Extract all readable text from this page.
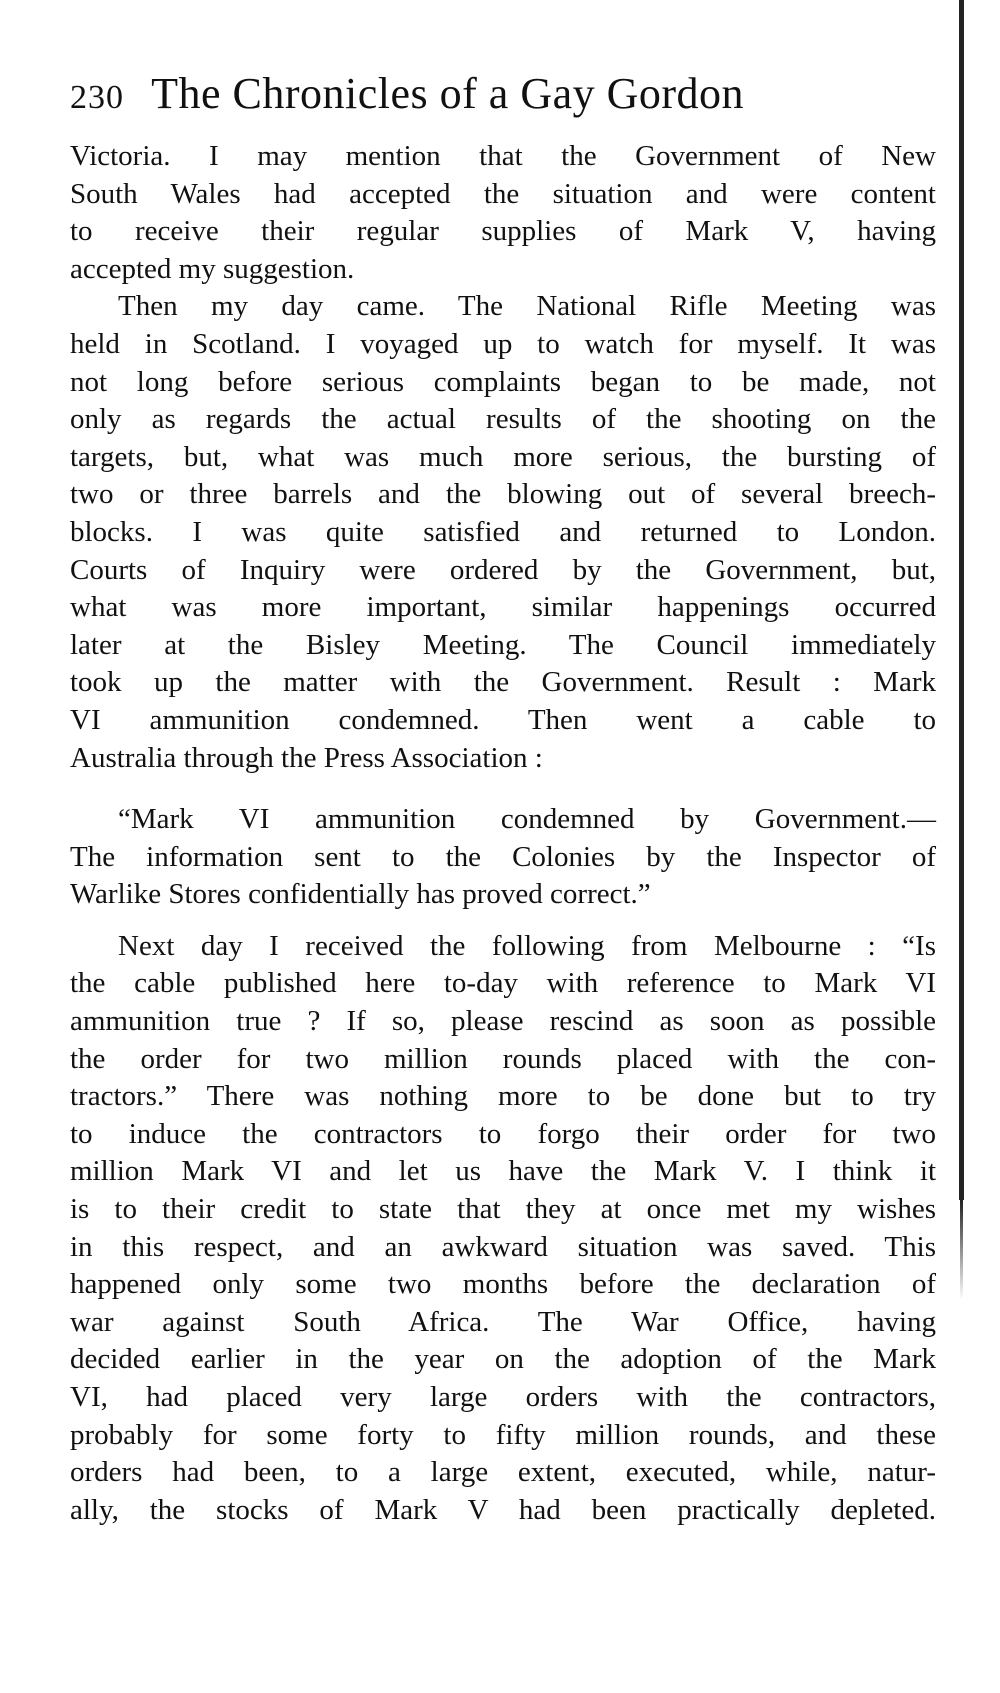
230 The Chronicles of a Gay Gordon
Victoria. I may mention that the Government of New
South Wales had accepted the situation and were content
to receive their regular supplies of Mark V, having
accepted my suggestion.
Then my day came. The National Rifle Meeting was
held in Scotland. I voyaged up to watch for myself. It was
not long before serious complaints began to be made, not
only as regards the actual results of the shooting on the
targets, but, what was much more serious, the bursting of
two or three barrels and the blowing out of several breech-
blocks. I was quite satisfied and returned to London.
Courts of Inquiry were ordered by the Government, but,
what was more important, similar happenings occurred
later at the Bisley Meeting. The Council immediately
took up the matter with the Government. Result : Mark
VI ammunition condemned. Then went a cable to
Australia through the Press Association :
“Mark VI ammunition condemned by Government.—
The information sent to the Colonies by the Inspector of
Warlike Stores confidentially has proved correct.”
Next day I received the following from Melbourne : “Is
the cable published here to-day with reference to Mark VI
ammunition true ? If so, please rescind as soon as possible
the order for two million rounds placed with the con-
tractors.” There was nothing more to be done but to try
to induce the contractors to forgo their order for two
million Mark VI and let us have the Mark V. I think it
is to their credit to state that they at once met my wishes
in this respect, and an awkward situation was saved. This
happened only some two months before the declaration of
war against South Africa. The War Office, having
decided earlier in the year on the adoption of the Mark
VI, had placed very large orders with the contractors,
probably for some forty to fifty million rounds, and these
orders had been, to a large extent, executed, while, natur-
ally, the stocks of Mark V had been practically depleted.
